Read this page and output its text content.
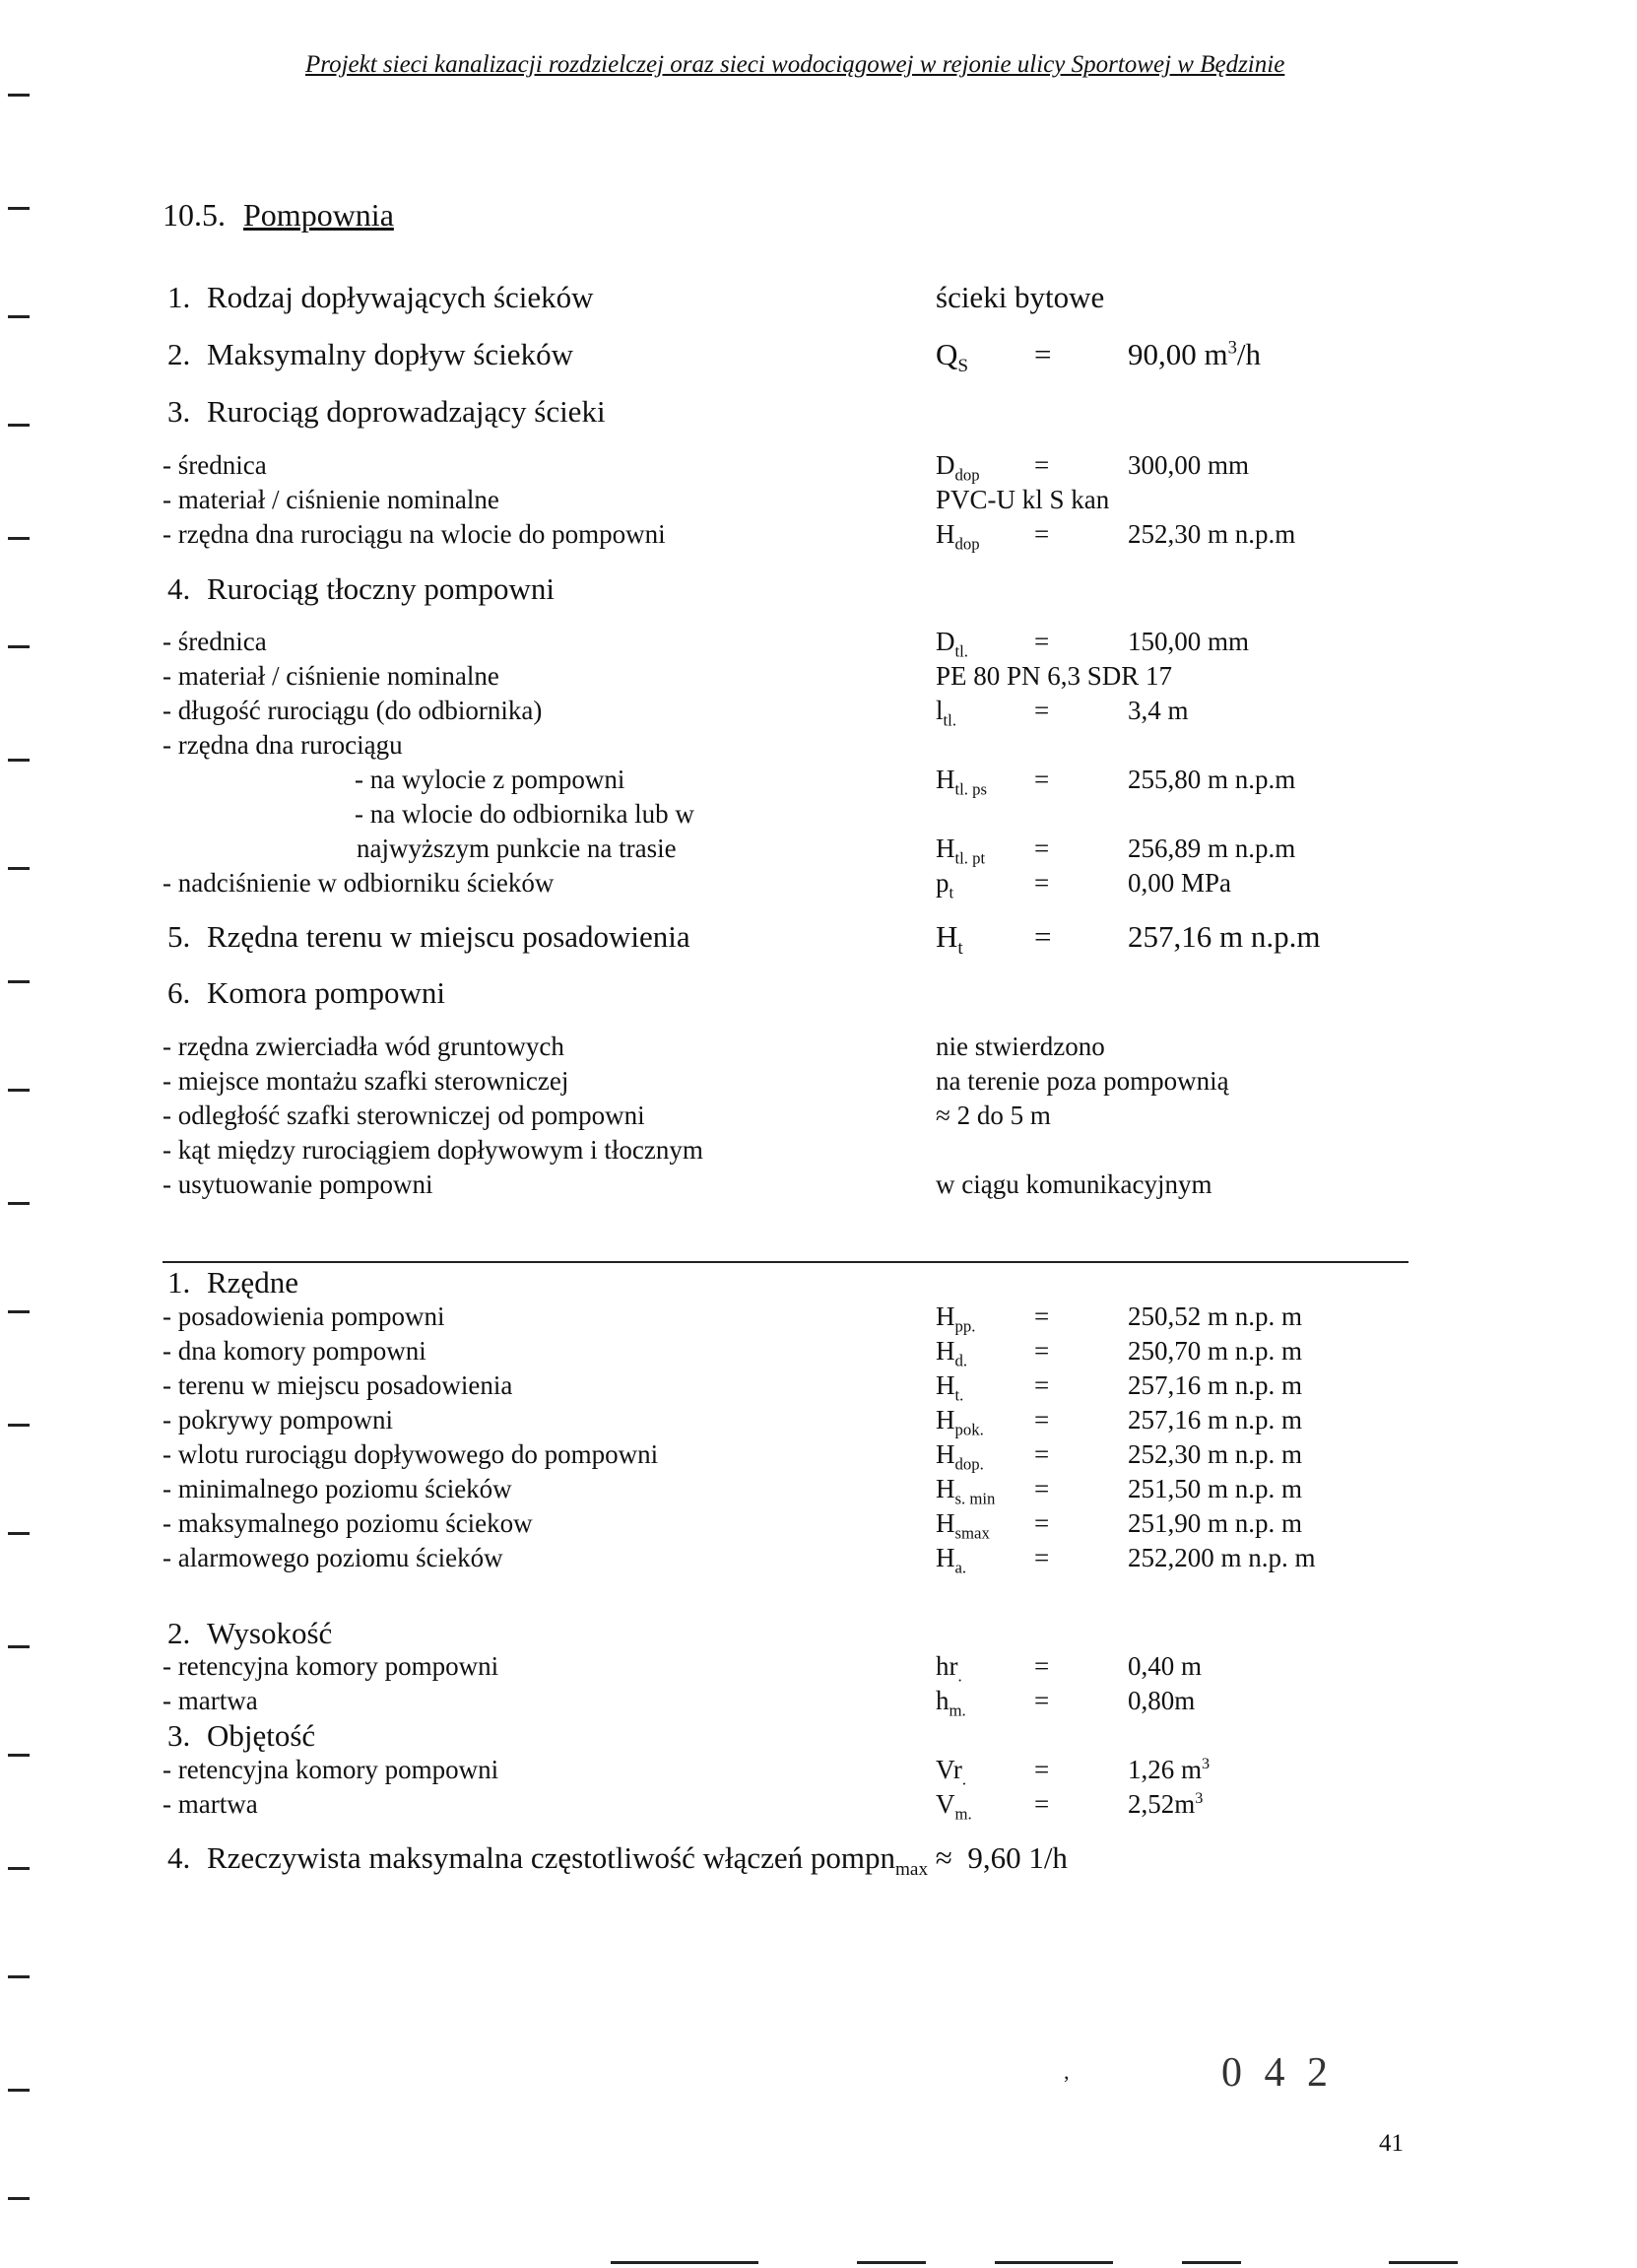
Projekt sieci kanalizacji rozdzielczej oraz sieci wodociągowej w rejonie ulicy Sportowej w Będzinie
10.5. Pompownia
1. Rodzaj dopływających ścieków	ścieki bytowe
2. Maksymalny dopływ ścieków	$Q_S$ =	90,00 $m^3/h$
3. Rurociąg doprowadzający ścieki
- średnica	$D_{dop}$ =	300,00 mm
- materiał / ciśnienie nominalne	PVC-U kl S kan
- rzędna dna rurociągu na wlocie do pompowni	$H_{dop}$ =	252,30 m n.p.m
4. Rurociąg tłoczny pompowni
- średnica	$D_{tl.}$ =	150,00 mm
- materiał / ciśnienie nominalne	PE 80 PN 6,3 SDR 17
- długość rurociągu (do odbiornika)	$l_{tl.}$	=	3,4 m
- rzędna dna rurociągu
- na wylocie z pompowni	$H_{tl. ps}$ =	255,80 m n.p.m
- na wlocie do odbiornika lub w
najwyższym punkcie na trasie	$H_{tl. pt}$ =	256,89 m n.p.m
- nadciśnienie w odbiorniku ścieków	$p_t$	=	0,00 MPa
5. Rzędna terenu w miejscu posadowienia	$H_t$ =	257,16 m n.p.m
6. Komora pompowni
- rzędna zwierciadła wód gruntowych	nie stwierdzono
- miejsce montażu szafki sterowniczej	na terenie poza pompownią
- odległość szafki sterowniczej od pompowni	≈ 2 do 5 m
- kąt między rurociągiem dopływowym i tłocznym
- usytuowanie pompowni	w ciągu komunikacyjnym
1. Rzędne
- posadowienia pompowni	$H_{pp.}$ =	250,52 m n.p. m
- dna komory pompowni	$H_{d.}$	=	250,70 m n.p. m
- terenu w miejscu posadowienia	$H_{t.}$	=	257,16 m n.p. m
- pokrywy pompowni	$H_{pok.}$ =	257,16 m n.p. m
- wlotu rurociągu dopływowego do pompowni	$H_{dop.}$ =	252,30 m n.p. m
- minimalnego poziomu ścieków	$H_{s. min}$ =	251,50 m n.p. m
- maksymalnego poziomu ściekow	$H_{smax}$ =	251,90 m n.p. m
- alarmowego poziomu ścieków	$H_{a.}$	=	252,200 m n.p. m
2. Wysokość
- retencyjna komory pompowni	$hr_.$	=	0,40 m
- martwa	$h_{m.}$	=	0,80m
3. Objętość
- retencyjna komory pompowni	$Vr_.$	=	1,26 $m^3$
- martwa	$V_{m.}$ =	$2,52m^3$
4. Rzeczywista maksymalna częstotliwość włączeń pompn$_{max}$ ≈ 9,60 1/h
,	0 4 2
41
